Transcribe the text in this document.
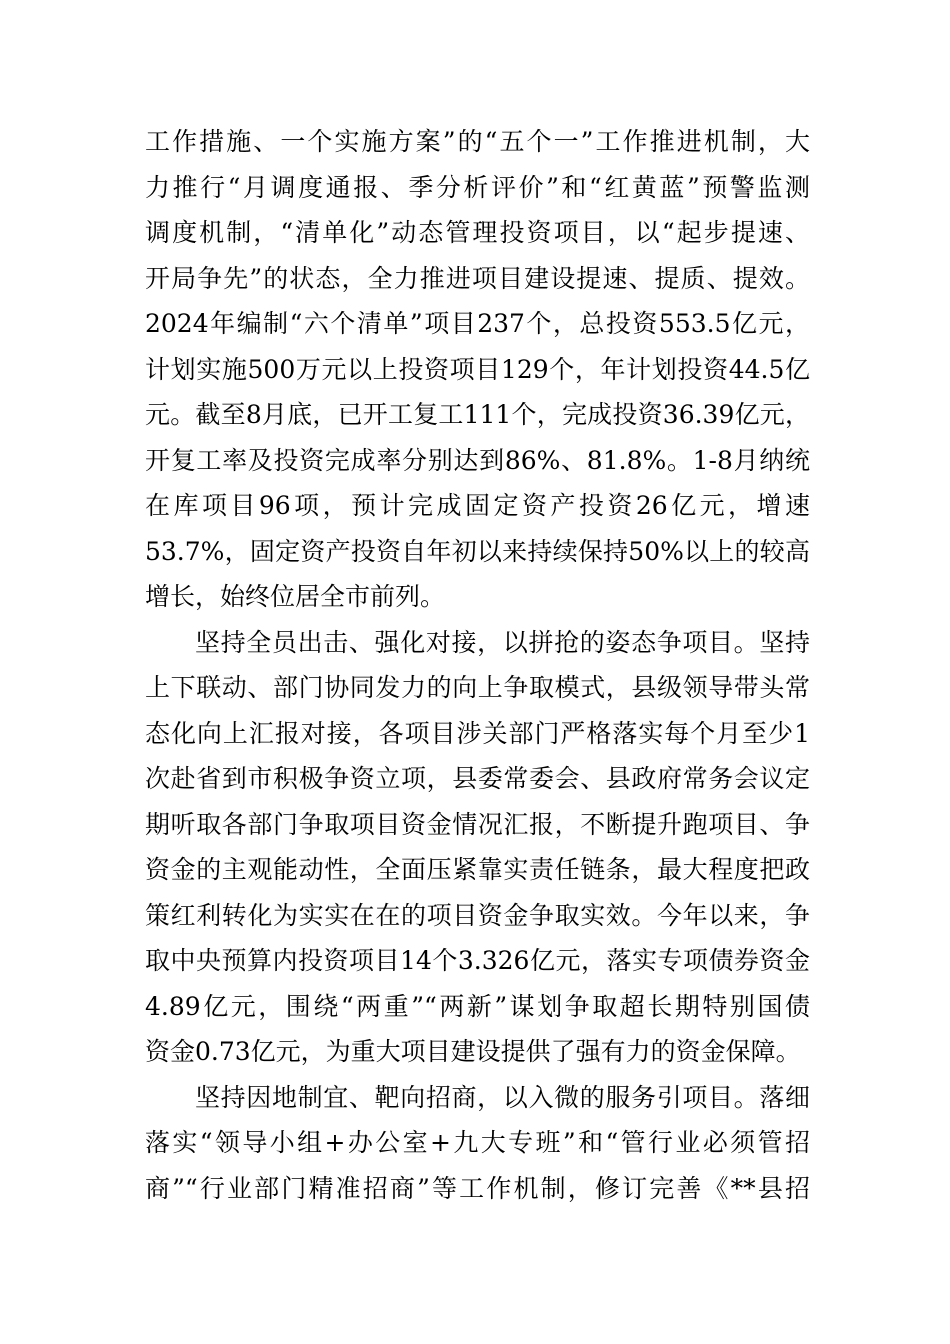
工作措施、一个实施方案”的“五个一”工作推进机制，大
力推行“月调度通报、季分析评价”和“红黄蓝”预警监测
调度机制，“清单化”动态管理投资项目，以“起步提速、
开局争先”的状态，全力推进项目建设提速、提质、提效。
2024年编制“六个清单”项目237个，总投资553.5亿元，
计划实施500万元以上投资项目129个，年计划投资44.5亿
元。截至8月底，已开工复工111个，完成投资36.39亿元，
开复工率及投资完成率分别达到86%、81.8%。1-8月纳统
在库项目96项，预计完成固定资产投资26亿元，增速
53.7%，固定资产投资自年初以来持续保持50%以上的较高
增长，始终位居全市前列。
坚持全员出击、强化对接，以拼抢的姿态争项目。坚持
上下联动、部门协同发力的向上争取模式，县级领导带头常
态化向上汇报对接，各项目涉关部门严格落实每个月至少1
次赴省到市积极争资立项，县委常委会、县政府常务会议定
期听取各部门争取项目资金情况汇报，不断提升跑项目、争
资金的主观能动性，全面压紧靠实责任链条，最大程度把政
策红利转化为实实在在的项目资金争取实效。今年以来，争
取中央预算内投资项目14个3.326亿元，落实专项债券资金
4.89亿元，围绕“两重”“两新”谋划争取超长期特别国债
资金0.73亿元，为重大项目建设提供了强有力的资金保障。
坚持因地制宜、靶向招商，以入微的服务引项目。落细
落实“领导小组+办公室+九大专班”和“管行业必须管招
商”“行业部门精准招商”等工作机制，修订完善《**县招
